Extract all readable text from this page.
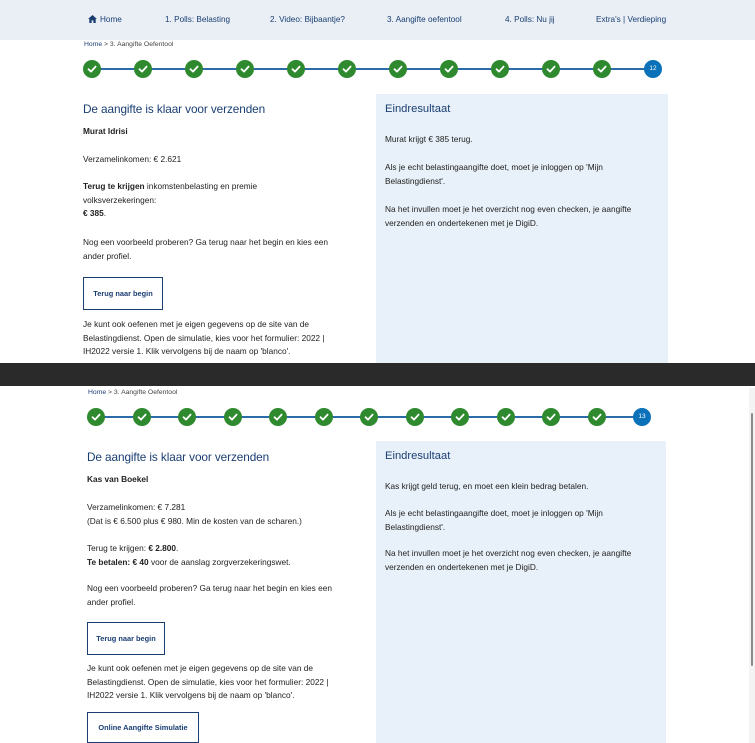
Home	1. Polls: Belasting	2. Video: Bijbaantje?	3. Aangifte oefentool	4. Polls: Nu jij	Extra's | Verdieping
Home > 3. Aangifte Oefentool
12
De aangifte is klaar voor verzenden
Murat Idrisi
Verzamelinkomen: € 2.621
Terug te krijgen inkomstenbelasting en premie volksverzekeringen:
€ 385.
Nog een voorbeeld proberen? Ga terug naar het begin en kies een ander profiel.
Terug naar begin
Je kunt ook oefenen met je eigen gegevens op de site van de Belastingdienst. Open de simulatie, kies voor het formulier: 2022 | IH2022 versie 1. Klik vervolgens bij de naam op 'blanco'.
Eindresultaat
Murat krijgt € 385 terug.
Als je echt belastingaangifte doet, moet je inloggen op 'Mijn Belastingdienst'.
Na het invullen moet je het overzicht nog even checken, je aangifte verzenden en ondertekenen met je DigiD.
Home > 3. Aangifte Oefentool
13
De aangifte is klaar voor verzenden
Kas van Boekel
Verzamelinkomen: € 7.281
(Dat is € 6.500 plus € 980. Min de kosten van de scharen.)
Terug te krijgen: € 2.800.
Te betalen: € 40 voor de aanslag zorgverzekeringswet.
Nog een voorbeeld proberen? Ga terug naar het begin en kies een ander profiel.
Terug naar begin
Je kunt ook oefenen met je eigen gegevens op de site van de Belastingdienst. Open de simulatie, kies voor het formulier: 2022 | IH2022 versie 1. Klik vervolgens bij de naam op 'blanco'.
Online Aangifte Simulatie
Eindresultaat
Kas krijgt geld terug, en moet een klein bedrag betalen.
Als je echt belastingaangifte doet, moet je inloggen op 'Mijn Belastingdienst'.
Na het invullen moet je het overzicht nog even checken, je aangifte verzenden en ondertekenen met je DigiD.
